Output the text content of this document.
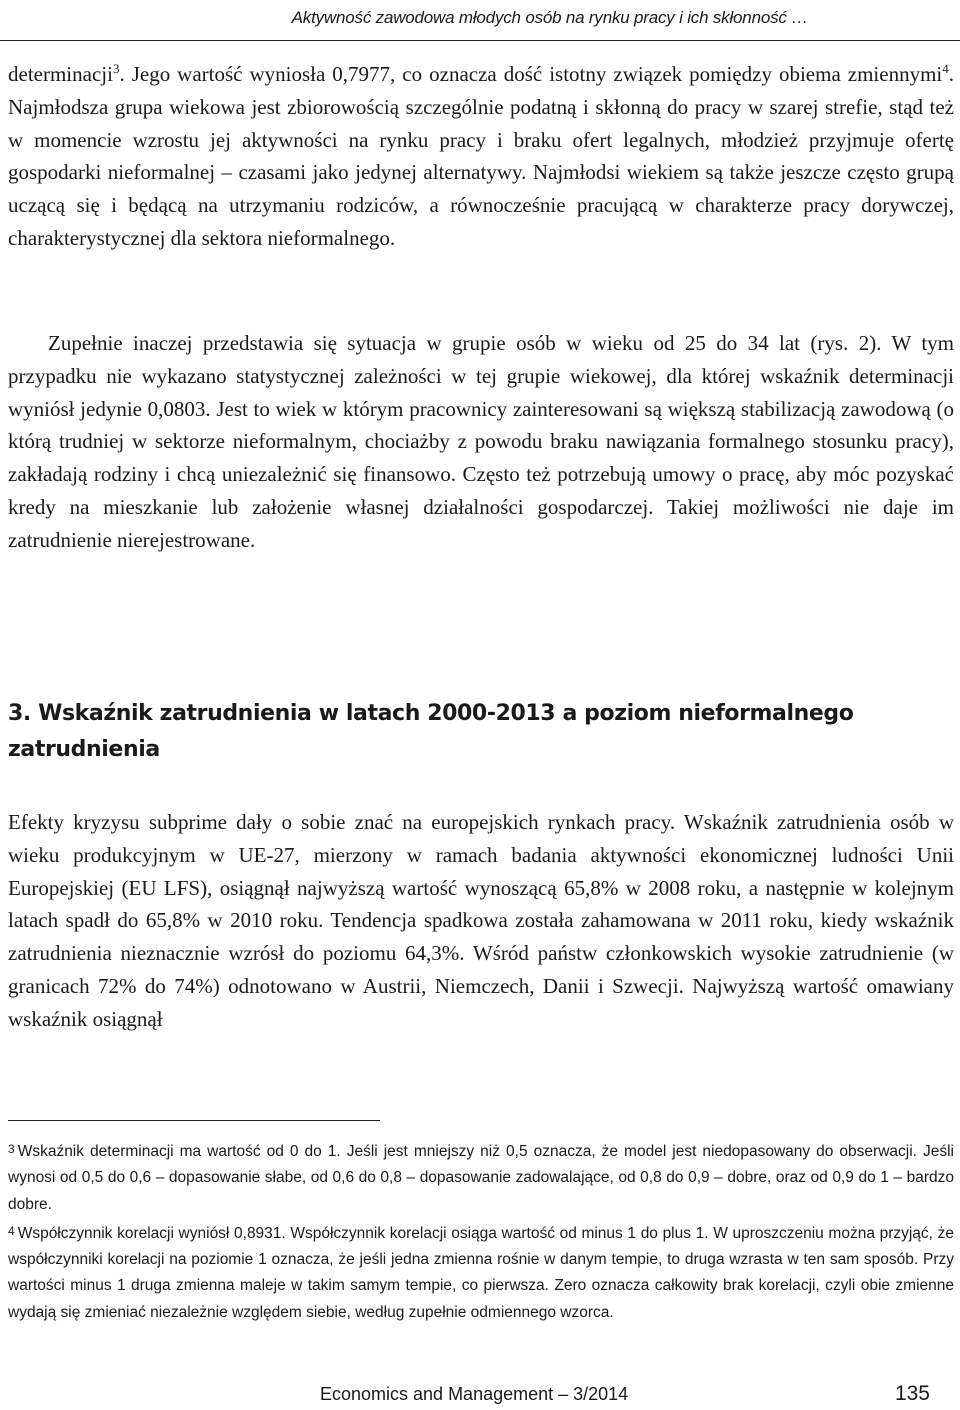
Aktywność zawodowa młodych osób na rynku pracy i ich skłonność …

determinacji$^3$. Jego wartość wyniosła 0,7977, co oznacza dość istotny związek pomiędzy obiema zmiennymi$^4$. Najmłodsza grupa wiekowa jest zbiorowością szczególnie podatną i skłonną do pracy w szarej strefie, stąd też w momencie wzrostu jej aktywności na rynku pracy i braku ofert legalnych, młodzież przyjmuje ofertę gospodarki nieformalnej – czasami jako jedynej alternatywy. Najmłodsi wiekiem są także jeszcze często grupą uczącą się i będącą na utrzymaniu rodziców, a równocześnie pracującą w charakterze pracy dorywczej, charakterystycznej dla sektora nieformalnego.

Zupełnie inaczej przedstawia się sytuacja w grupie osób w wieku od 25 do 34 lat (rys. 2). W tym przypadku nie wykazano statystycznej zależności w tej grupie wiekowej, dla której wskaźnik determinacji wyniósł jedynie 0,0803. Jest to wiek w którym pracownicy zainteresowani są większą stabilizacją zawodową (o którą trudniej w sektorze nieformalnym, chociażby z powodu braku nawiązania formalnego stosunku pracy), zakładają rodziny i chcą uniezależnić się finansowo. Często też potrzebują umowy o pracę, aby móc pozyskać kredy na mieszkanie lub założenie własnej działalności gospodarczej. Takiej możliwości nie daje im zatrudnienie nierejestrowane.

3. Wskaźnik zatrudnienia w latach 2000-2013 a poziom nieformalnego zatrudnienia

Efekty kryzysu subprime dały o sobie znać na europejskich rynkach pracy. Wskaźnik zatrudnienia osób w wieku produkcyjnym w UE-27, mierzony w ramach badania aktywności ekonomicznej ludności Unii Europejskiej (EU LFS), osiągnął najwyższą wartość wynoszącą 65,8% w 2008 roku, a następnie w kolejnym latach spadł do 65,8% w 2010 roku. Tendencja spadkowa została zahamowana w 2011 roku, kiedy wskaźnik zatrudnienia nieznacznie wzrósł do poziomu 64,3%. Wśród państw członkowskich wysokie zatrudnienie (w granicach 72% do 74%) odnotowano w Austrii, Niemczech, Danii i Szwecji. Najwyższą wartość omawiany wskaźnik osiągnął

3 Wskaźnik determinacji ma wartość od 0 do 1. Jeśli jest mniejszy niż 0,5 oznacza, że model jest niedopasowany do obserwacji. Jeśli wynosi od 0,5 do 0,6 – dopasowanie słabe, od 0,6 do 0,8 – dopasowanie zadowalające, od 0,8 do 0,9 – dobre, oraz od 0,9 do 1 – bardzo dobre.

4 Współczynnik korelacji wyniósł 0,8931. Współczynnik korelacji osiąga wartość od minus 1 do plus 1. W uproszczeniu można przyjąć, że współczynniki korelacji na poziomie 1 oznacza, że jeśli jedna zmienna rośnie w danym tempie, to druga wzrasta w ten sam sposób. Przy wartości minus 1 druga zmienna maleje w takim samym tempie, co pierwsza. Zero oznacza całkowity brak korelacji, czyli obie zmienne wydają się zmieniać niezależnie względem siebie, według zupełnie odmiennego wzorca.

Economics and Management – 3/2014	135
